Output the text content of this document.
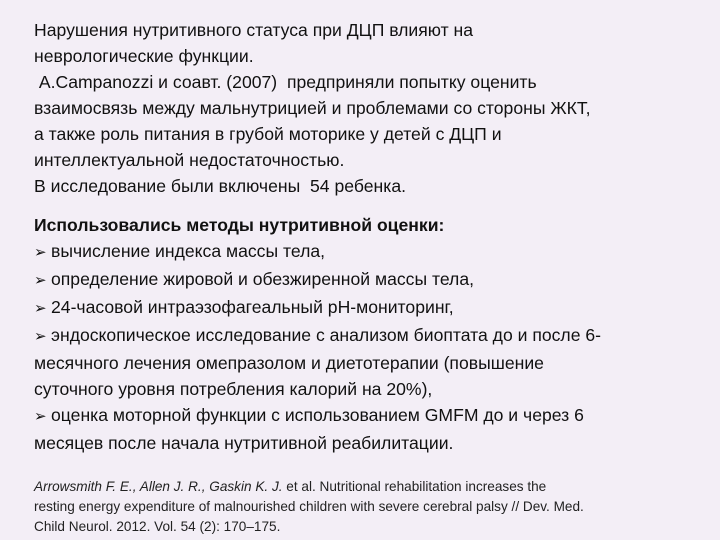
Нарушения нутритивного статуса при ДЦП влияют на
неврологические функции.
А.Campanozzi и соавт. (2007)  предприняли попытку оценить
взаимосвязь между мальнутрицией и проблемами со стороны ЖКТ,
а также роль питания в грубой моторике у детей с ДЦП и
интеллектуальной недостаточностью.
В исследование были включены  54 ребенка.
Использовались методы нутритивной оценки:
➢ вычисление индекса массы тела,
➢ определение жировой и обезжиренной массы тела,
➢ 24-часовой интраэзофагеальный рН-мониторинг,
➢ эндоскопическое исследование с анализом биоптата до и после 6-
месячного лечения омепразолом и диетотерапии (повышение
суточного уровня потребления калорий на 20%),
➢ оценка моторной функции с использованием GMFM до и через 6
месяцев после начала нутритивной реабилитации.
Arrowsmith F. E., Allen J. R., Gaskin K. J. et al. Nutritional rehabilitation increases the
resting energy expenditure of malnourished children with severe cerebral palsy // Dev. Med.
Child Neurol. 2012. Vol. 54 (2): 170–175.
